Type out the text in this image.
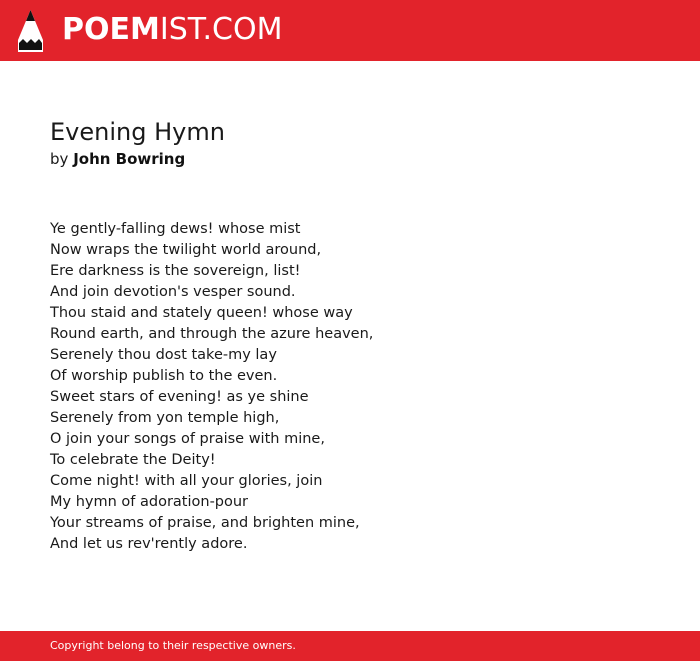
POEMIST.COM
Evening Hymn
by John Bowring
Ye gently-falling dews! whose mist
Now wraps the twilight world around,
Ere darkness is the sovereign, list!
And join devotion's vesper sound.
Thou staid and stately queen! whose way
Round earth, and through the azure heaven,
Serenely thou dost take-my lay
Of worship publish to the even.
Sweet stars of evening! as ye shine
Serenely from yon temple high,
O join your songs of praise with mine,
To celebrate the Deity!
Come night! with all your glories, join
My hymn of adoration-pour
Your streams of praise, and brighten mine,
And let us rev'rently adore.
Copyright belong to their respective owners.
